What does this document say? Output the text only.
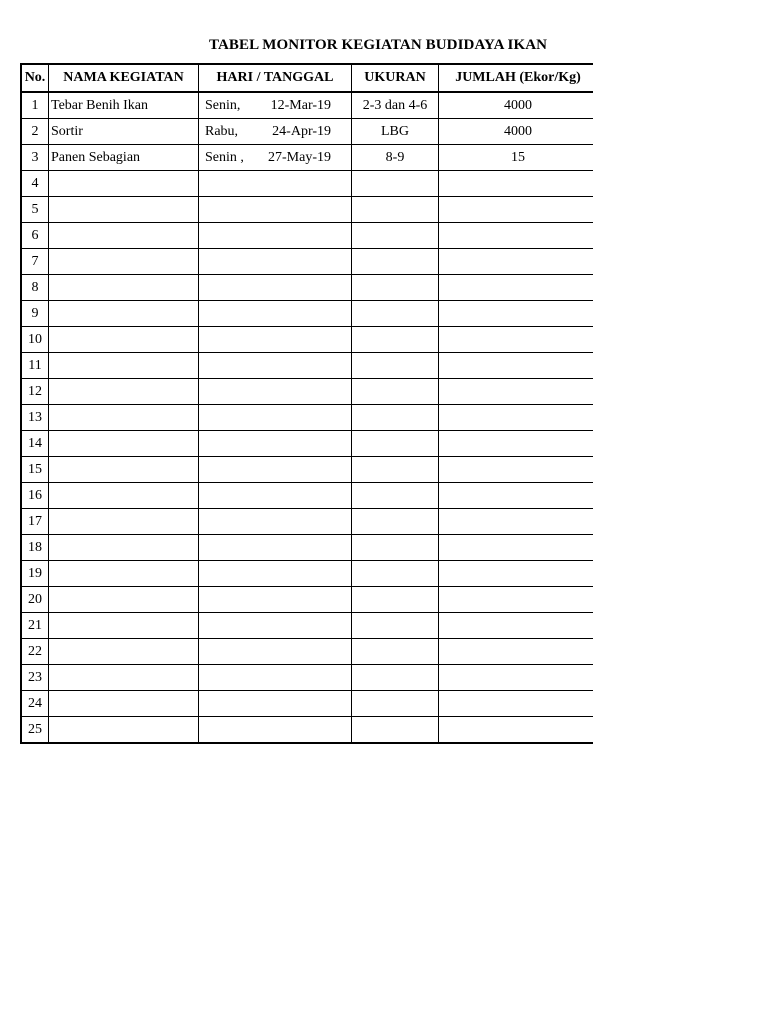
TABEL MONITOR KEGIATAN BUDIDAYA IKAN
No.	NAMA KEGIATAN	HARI / TANGGAL	UKURAN	JUMLAH (Ekor/Kg)
1	Tebar Benih Ikan	Senin, 12-Mar-19	2-3 dan 4-6	4000
2	Sortir	Rabu, 24-Apr-19	LBG	4000
3	Panen Sebagian	Senin , 27-May-19	8-9	15
4				
5				
6				
7				
8				
9				
10				
11				
12				
13				
14				
15				
16				
17				
18				
19				
20				
21				
22				
23				
24				
25				
